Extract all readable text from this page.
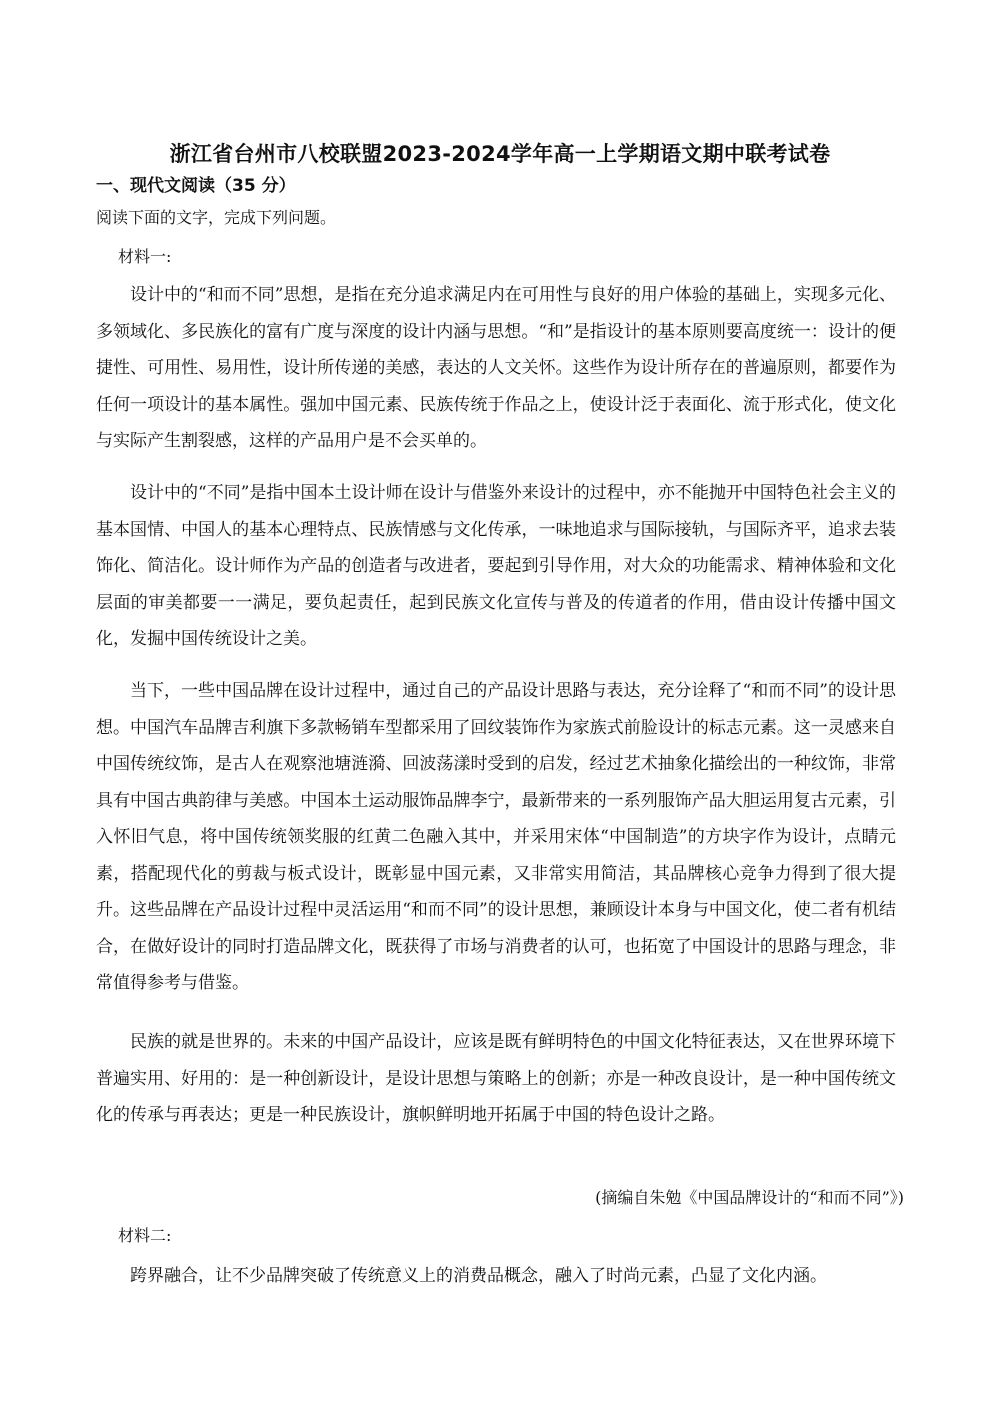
浙江省台州市八校联盟2023-2024学年高一上学期语文期中联考试卷
一、现代文阅读（35 分）
阅读下面的文字，完成下列问题。
材料一:

设计中的“和而不同”思想，是指在充分追求满足内在可用性与良好的用户体验的基础上，实现多元化、多领域化、多民族化的富有广度与深度的设计内涵与思想。“和”是指设计的基本原则要高度统一：设计的便捷性、可用性、易用性，设计所传递的美感，表达的人文关怀。这些作为设计所存在的普遍原则，都要作为任何一项设计的基本属性。强加中国元素、民族传统于作品之上，使设计泛于表面化、流于形式化，使文化与实际产生割裂感，这样的产品用户是不会买单的。

设计中的“不同”是指中国本土设计师在设计与借鉴外来设计的过程中，亦不能抛开中国特色社会主义的基本国情、中国人的基本心理特点、民族情感与文化传承，一味地追求与国际接轨，与国际齐平，追求去装饰化、简洁化。设计师作为产品的创造者与改进者，要起到引导作用，对大众的功能需求、精神体验和文化层面的审美都要一一满足，要负起责任，起到民族文化宣传与普及的传道者的作用，借由设计传播中国文化，发掘中国传统设计之美。

当下，一些中国品牌在设计过程中，通过自己的产品设计思路与表达，充分诠释了“和而不同”的设计思想。中国汽车品牌吉利旗下多款畅销车型都采用了回纹装饰作为家族式前脸设计的标志元素。这一灵感来自中国传统纹饰，是古人在观察池塘涟漪、回波荡漾时受到的启发，经过艺术抽象化描绘出的一种纹饰，非常具有中国古典韵律与美感。中国本土运动服饰品牌李宁，最新带来的一系列服饰产品大胆运用复古元素，引入怀旧气息，将中国传统领奖服的红黄二色融入其中，并采用宋体“中国制造”的方块字作为设计，点睛元素，搭配现代化的剪裁与板式设计，既彰显中国元素，又非常实用简洁，其品牌核心竞争力得到了很大提升。这些品牌在产品设计过程中灵活运用“和而不同”的设计思想，兼顾设计本身与中国文化，使二者有机结合，在做好设计的同时打造品牌文化，既获得了市场与消费者的认可，也拓宽了中国设计的思路与理念，非常值得参考与借鉴。

民族的就是世界的。未来的中国产品设计，应该是既有鲜明特色的中国文化特征表达，又在世界环境下普遍实用、好用的：是一种创新设计，是设计思想与策略上的创新；亦是一种改良设计，是一种中国传统文化的传承与再表达；更是一种民族设计，旗帜鲜明地开拓属于中国的特色设计之路。

(摘编自朱勉《中国品牌设计的“和而不同”》)
材料二:

跨界融合，让不少品牌突破了传统意义上的消费品概念，融入了时尚元素，凸显了文化内涵。
